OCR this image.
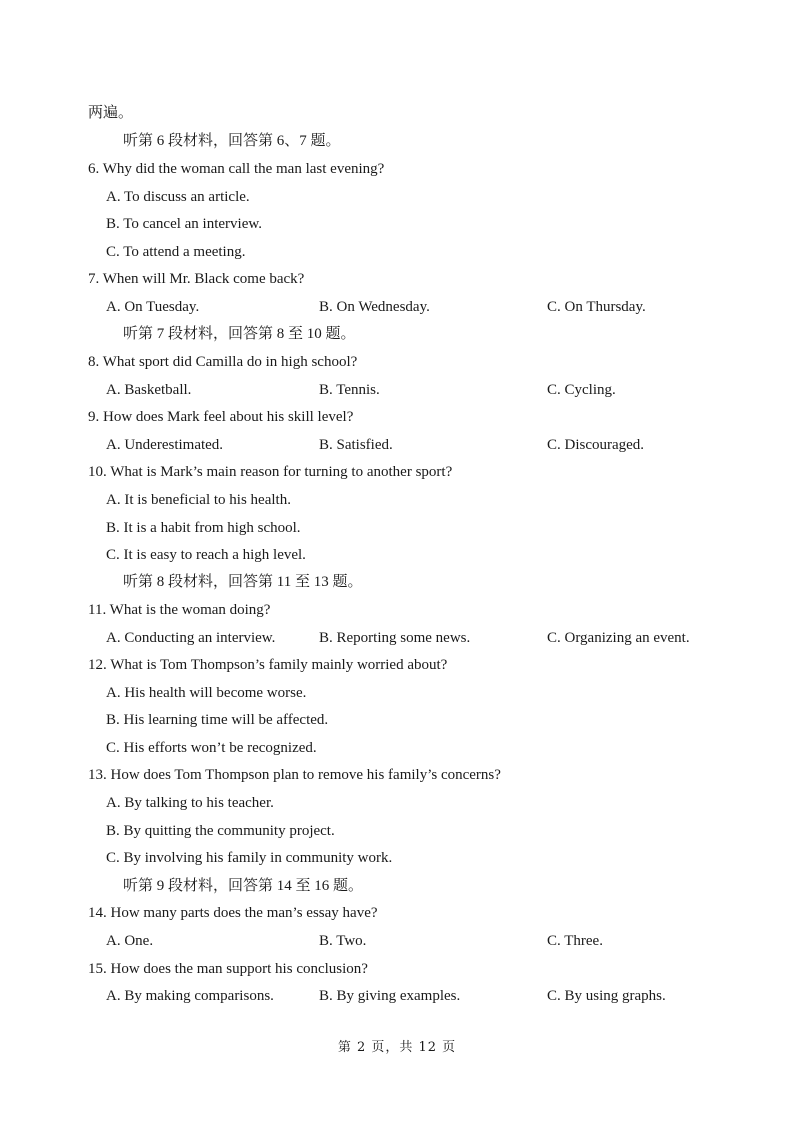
两遍。
听第 6 段材料，回答第 6、7 题。
6. Why did the woman call the man last evening?
A. To discuss an article.
B. To cancel an interview.
C. To attend a meeting.
7. When will Mr. Black come back?
A. On Tuesday.	B. On Wednesday.	C. On Thursday.
听第 7 段材料，回答第 8 至 10 题。
8. What sport did Camilla do in high school?
A. Basketball.	B. Tennis.	C. Cycling.
9. How does Mark feel about his skill level?
A. Underestimated.	B. Satisfied.	C. Discouraged.
10. What is Mark’s main reason for turning to another sport?
A. It is beneficial to his health.
B. It is a habit from high school.
C. It is easy to reach a high level.
听第 8 段材料，回答第 11 至 13 题。
11. What is the woman doing?
A. Conducting an interview.	B. Reporting some news.	C. Organizing an event.
12. What is Tom Thompson’s family mainly worried about?
A. His health will become worse.
B. His learning time will be affected.
C. His efforts won’t be recognized.
13. How does Tom Thompson plan to remove his family’s concerns?
A. By talking to his teacher.
B. By quitting the community project.
C. By involving his family in community work.
听第 9 段材料，回答第 14 至 16 题。
14. How many parts does the man’s essay have?
A. One.	B. Two.	C. Three.
15. How does the man support his conclusion?
A. By making comparisons.	B. By giving examples.	C. By using graphs.
第 2 页，共 12 页
